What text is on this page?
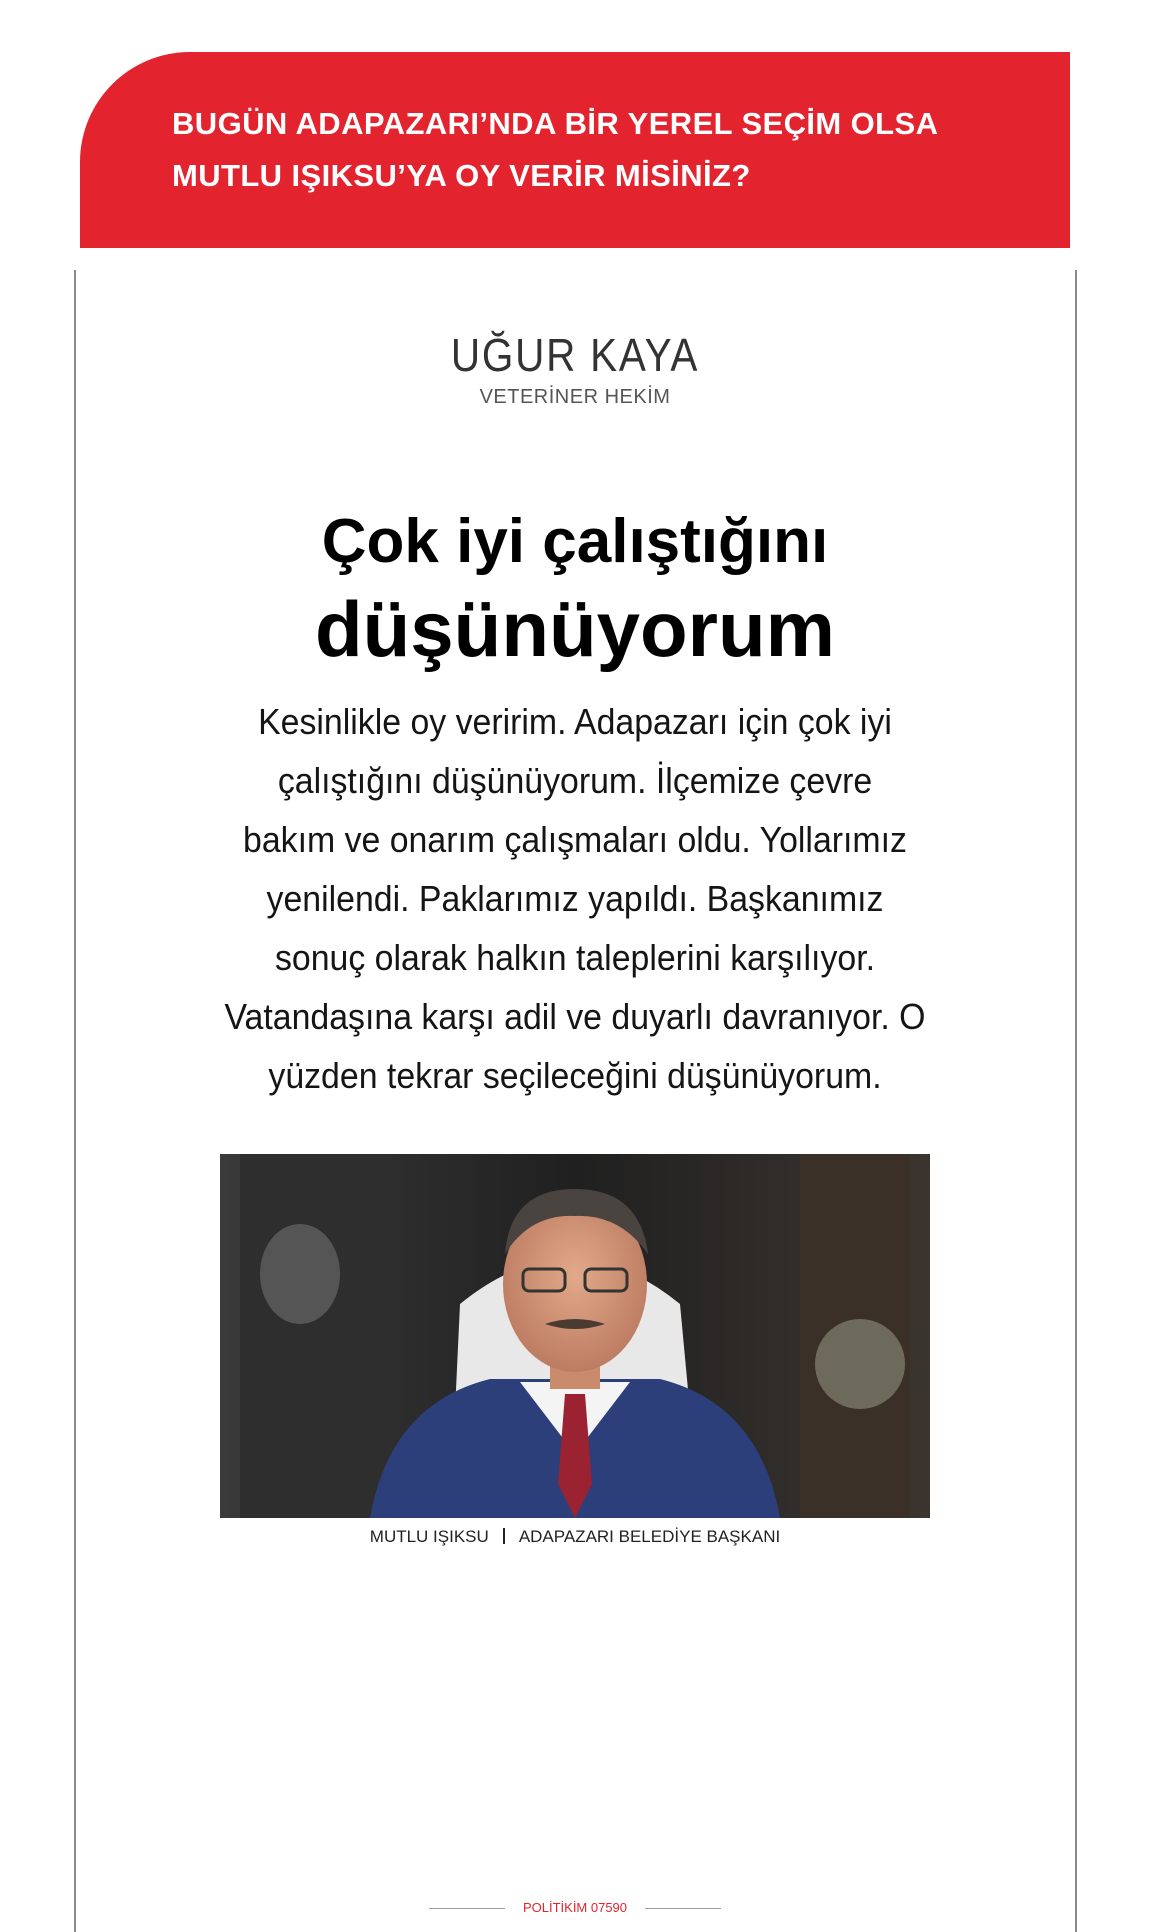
BUGÜN ADAPAZARI’NDA BİR YEREL SEÇİM OLSA
MUTLU IŞIKSU’YA OY VERİR MİSİNİZ?
UĞUR KAYA
VETERİNER HEKİM
Çok iyi çalıştığını
düşünüyorum
Kesinlikle oy veririm. Adapazarı için çok iyi
çalıştığını düşünüyorum. İlçemize çevre
bakım ve onarım çalışmaları oldu. Yollarımız
yenilendi. Paklarımız yapıldı. Başkanımız
sonuç olarak halkın taleplerini karşılıyor.
Vatandaşına karşı adil ve duyarlı davranıyor. O
yüzden tekrar seçileceğini düşünüyorum.
MUTLU IŞIKSU ADAPAZARI BELEDİYE BAŞKANI
POLİTİKİM 07590
